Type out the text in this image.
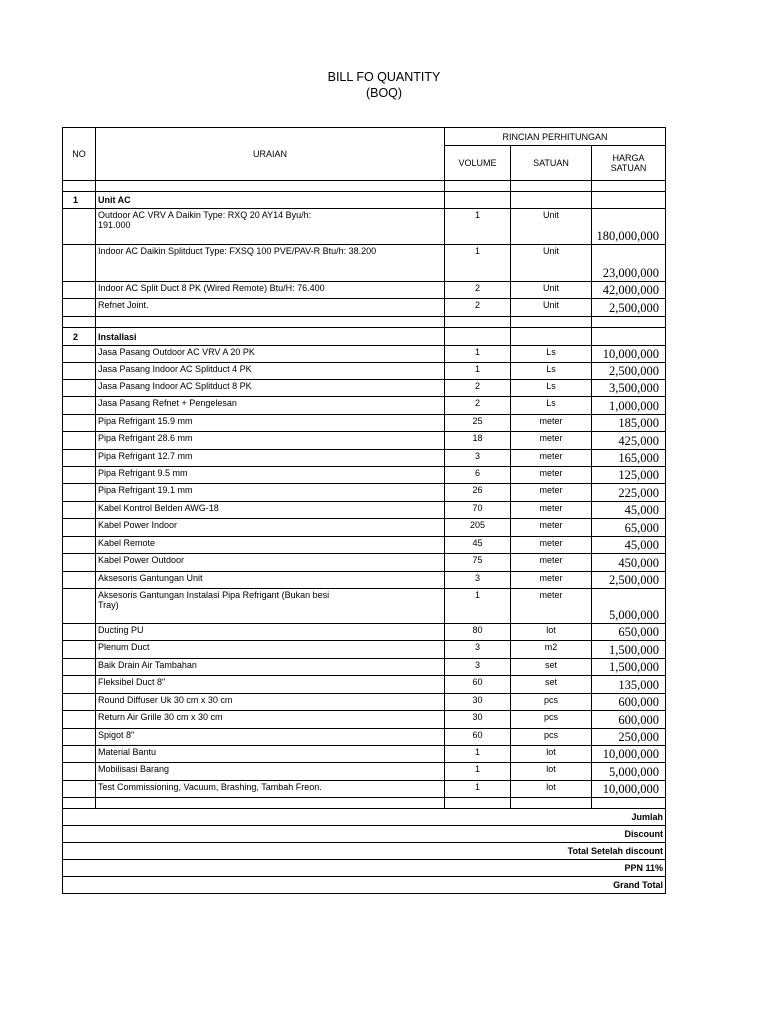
BILL FO QUANTITY
(BOQ)
NO	URAIAN	RINCIAN PERHITUNGAN		
		VOLUME	SATUAN	HARGA
SATUAN

1	Unit AC			

	Outdoor AC VRV A Daikin Type: RXQ 20 AY14 Byu/h:
191.000	1	Unit	180,000,000

	Indoor AC Daikin Splitduct Type: FXSQ 100 PVE/PAV-R Btu/h: 38.200	1	Unit	23,000,000

	Indoor AC Split Duct 8 PK (Wired Remote) Btu/H: 76.400	2	Unit	42,000,000

	Refnet Joint.	2	Unit	2,500,000

2	Installasi			

	Jasa Pasang Outdoor AC VRV A 20 PK	1	Ls	10,000,000

	Jasa Pasang Indoor AC Splitduct 4 PK	1	Ls	2,500,000

	Jasa Pasang Indoor AC Splitduct 8 PK	2	Ls	3,500,000

	Jasa Pasang Refnet + Pengelesan	2	Ls	1,000,000

	Pipa Refrigant 15.9 mm	25	meter	185,000

	Pipa Refrigant 28.6 mm	18	meter	425,000

	Pipa Refrigant 12.7 mm	3	meter	165,000

	Pipa Refrigant 9.5 mm	6	meter	125,000

	Pipa Refrigant 19.1 mm	26	meter	225,000

	Kabel Kontrol Belden AWG-18	70	meter	45,000

	Kabel Power Indoor	205	meter	65,000

	Kabel Remote	45	meter	45,000

	Kabel Power Outdoor	75	meter	450,000

	Aksesoris Gantungan Unit	3	meter	2,500,000

	Aksesoris Gantungan Instalasi Pipa Refrigant (Bukan besi
Tray)	1	meter	5,000,000

	Ducting PU	80	lot	650,000

	Plenum Duct	3	m2	1,500,000

	Baik Drain Air Tambahan	3	set	1,500,000

	Fleksibel Duct 8"	60	set	135,000

	Round Diffuser Uk 30 cm x 30 cm	30	pcs	600,000

	Return Air Grille 30 cm x 30 cm	30	pcs	600,000

	Spigot 8"	60	pcs	250,000

	Material Bantu	1	lot	10,000,000

	Mobilisasi Barang	1	lot	5,000,000

	Test Commissioning, Vacuum, Brashing, Tambah Freon.	1	lot	10,000,000

Jumlah				
Discount				
Total Setelah discount				
PPN 11%				
Grand Total				
